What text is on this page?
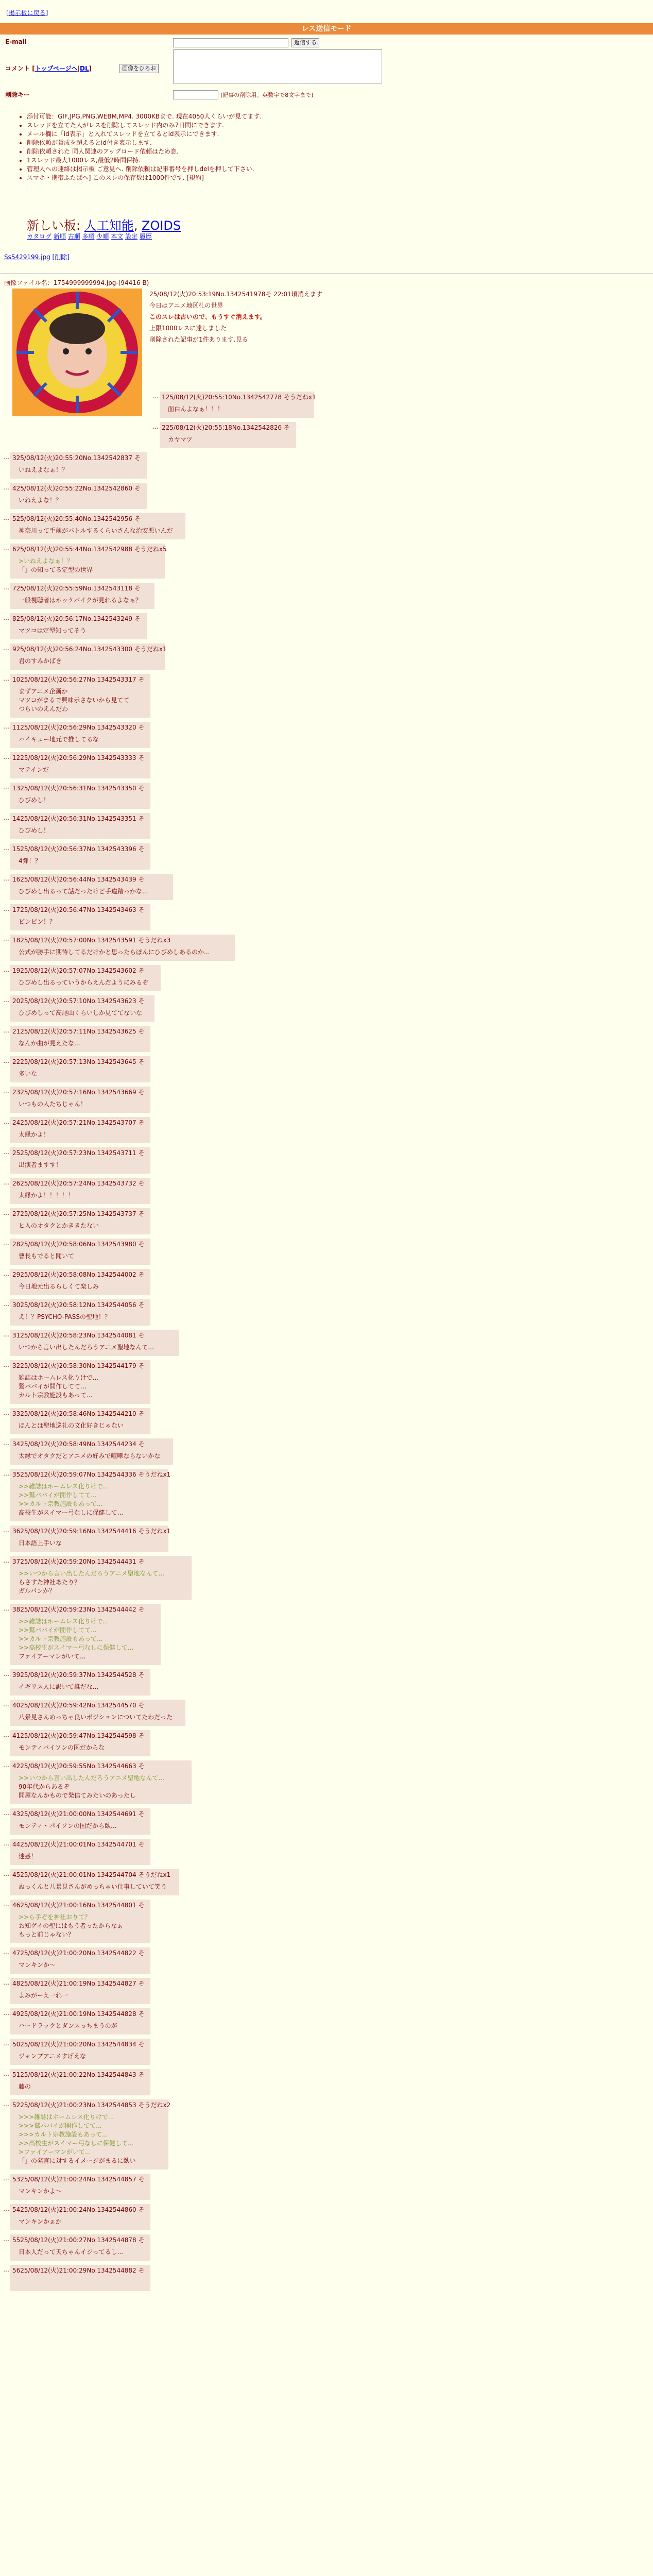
[掲示板に戻る]
レス送信モード
E-mail	返信する
コメント [トップページへ|DL]	画像をひろお
削除キー	(記事の削除用。英数字で8文字まで)
• 添付可能：GIF,JPG,PNG,WEBM,MP4. 3000KBまで. 現在4050人くらいが見てます.
• スレッドを立てた人がレスを削除してスレッド内のみ7日間にできます.
• メール欄に「id表示」と入れてスレッドを立てるとid表示にできます.
• 削除依頼が賛成を超えるとid付き表示します.
• 削除依頼された 同人関連のアップロード依頼はため息.
• 1スレッド最大1000レス,最低2時間保持.
• 管理人への連絡は掲示板 ご意見へ. 削除依頼は記事番号を押しdelを押して下さい.
• スマホ・携帯ふたばへ] このスレの保存数は1000件です. [規約]
新しい板: 人工知能, ZOIDS
カタログ 新順 古順 多順 少順 本文 設定 履歴
Ss5429199.jpg [削除]
画像ファイル名：1754999999994.jpg-(94416 B)
25/08/12(火)20:53:19No.1342541978そ 22:01頃消えます
今日はアニメ地区札の世界
このスレは古いので、もうすぐ消えます。
上限1000レスに達しました
削除された記事が1件あります.見る
… 125/08/12(火)20:55:10No.1342542778 そうだねx1
面白んよなぁ！！！
… 225/08/12(火)20:55:18No.1342542826 そ
カヤマツ
… 325/08/12(火)20:55:20No.1342542837 そ
いねえよなぁ！？
… 425/08/12(火)20:55:22No.1342542860 そ
いねえよな！？
… 525/08/12(火)20:55:40No.1342542956 そ
神奈川って手前がバトルするくらいさんな治安悪いんだ
… 625/08/12(火)20:55:44No.1342542988 そうだねx5
>いねえよなぁ！？
「」の知ってる定型の世界
… 725/08/12(火)20:55:59No.1342543118 そ
一般視聴者はホッケバイクが見れるよなぁ？
… 825/08/12(火)20:56:17No.1342543249 そ
マツコは定型知ってそう
… 925/08/12(火)20:56:24No.1342543300 そうだねx1
君のすみかばき
… 1025/08/12(火)20:56:27No.1342543317 そ
まずアニメ企画か
マツコがまるで興味示さないから見てて
つらいのえんだわ
… 1125/08/12(火)20:56:29No.1342543320 そ
ハイキュー地元で推してるな
… 1225/08/12(火)20:56:29No.1342543333 そ
マテインだ
… 1325/08/12(火)20:56:31No.1342543350 そ
ひびめし！
… 1425/08/12(火)20:56:31No.1342543351 そ
ひびめし！
… 1525/08/12(火)20:56:37No.1342543396 そ
4弾！？
… 1625/08/12(火)20:56:44No.1342543439 そ
ひびめし出るって話だったけど手違踏っかな...
… 1725/08/12(火)20:56:47No.1342543463 そ
ピンピン！？
… 1825/08/12(火)20:57:00No.1342543591 そうだねx3
公式が勝手に期待してるだけかと思ったらぽんにひびめしあるのか...
… 1925/08/12(火)20:57:07No.1342543602 そ
ひびめし出るっていうからえんだようにみるぞ
… 2025/08/12(火)20:57:10No.1342543623 そ
ひびめしって高尾山くらいしか見ててないな
… 2125/08/12(火)20:57:11No.1342543625 そ
なんか曲が見えたな...
… 2225/08/12(火)20:57:13No.1342543645 そ
多いな
… 2325/08/12(火)20:57:16No.1342543669 そ
いつもの人たちじゃん！
… 2425/08/12(火)20:57:21No.1342543707 そ
太縁かよ！
… 2525/08/12(火)20:57:23No.1342543711 そ
出演者ますす！
… 2625/08/12(火)20:57:24No.1342543732 そ
太縁かよ！！！！！
… 2725/08/12(火)20:57:25No.1342543737 そ
ヒ入のオタクとかききたない
… 2825/08/12(火)20:58:06No.1342543980 そ
曹長もでると聞いて
… 2925/08/12(火)20:58:08No.1342544002 そ
今日地元出るらしくて楽しみ
… 3025/08/12(火)20:58:12No.1342544056 そ
え！？PSYCHO-PASSの聖地！？
… 3125/08/12(火)20:58:23No.1342544081 そ
いつから言い出したんだろうアニメ聖地なんて...
… 3225/08/12(火)20:58:30No.1342544179 そ
雑誌はホームレス化りけで...
鷲ババイが開作してて...
カルト宗教施設もあって...
… 3325/08/12(火)20:58:46No.1342544210 そ
ほんとは聖地巡礼の文化好きじゃない
… 3425/08/12(火)20:58:49No.1342544234 そ
太縁でオタクだとアニメの好みで喧嘩ならないかな
… 3525/08/12(火)20:59:07No.1342544336 そうだねx1
>>雑誌はホームレス化りけで...
>>鷲ババイが開作してて...
>>カルト宗教施設もあって...
高校生がスイマー弓なしに保健して...
… 3625/08/12(火)20:59:16No.1342544416 そうだねx1
日本語上手いな
… 3725/08/12(火)20:59:20No.1342544431 そ
>>いつから言い出したんだろうアニメ聖地なんて...
らさすた神社あたり？
ガルパンか？
… 3825/08/12(火)20:59:23No.1342544442 そ
>>雑誌はホームレス化りけで...
>>鷲ババイが開作してて...
>>カルト宗教施設もあって...
>>高校生がスイマー弓なしに保健して...
ファイアーマンがいて...
… 3925/08/12(火)20:59:37No.1342544528 そ
イギリス人に訳いて誰だな...
… 4025/08/12(火)20:59:42No.1342544570 そ
八景見さんめっちゃ良いポジションについてたわだった
… 4125/08/12(火)20:59:47No.1342544598 そ
モンティパイソンの国だからな
… 4225/08/12(火)20:59:55No.1342544663 そ
>>いつから言い出したんだろうアニメ聖地なんて...
90年代からあるぞ
問屋なんかもので発信てみたいのあったし
… 4325/08/12(火)21:00:00No.1342544691 そ
モンティ・パイソンの国だから臥...
… 4425/08/12(火)21:00:01No.1342544701 そ
迷惑！
… 4525/08/12(火)21:00:01No.1342544704 そうだねx1
ぬっくんと八景見さんがめっちゃい仕事していて笑う
… 4625/08/12(火)21:00:16No.1342544801 そ
>>ら手ぞを神社おりて？
お知ゲイの聖にはもう者ったからなぁ
もっと前じゃない？
… 4725/08/12(火)21:00:20No.1342544822 そ
マンキンか～
… 4825/08/12(火)21:00:19No.1342544827 そ
よみがーえ一れ一
… 4925/08/12(火)21:00:19No.1342544828 そ
ハードラックとダンスっちまうのが
… 5025/08/12(火)21:00:20No.1342544834 そ
ジャンプアニメすげえな
… 5125/08/12(火)21:00:22No.1342544843 そ
藤の
… 5225/08/12(火)21:00:23No.1342544853 そうだねx2
>>>雑誌はホームレス化りけで...
>>>鷲ババイが開作してて...
>>>カルト宗教施設もあって...
>>高校生がスイマー弓なしに保健して...
>ファイアーマンがいて...
「」の発言に対するイメージがまるに臥い
… 5325/08/12(火)21:00:24No.1342544857 そ
マンキンかよ〜
… 5425/08/12(火)21:00:24No.1342544860 そ
マンキンかぁか
… 5525/08/12(火)21:00:27No.1342544878 そ
日本人だって天ちゃんイジってるし...
… 5625/08/12(火)21:00:29No.1342544882 そ
